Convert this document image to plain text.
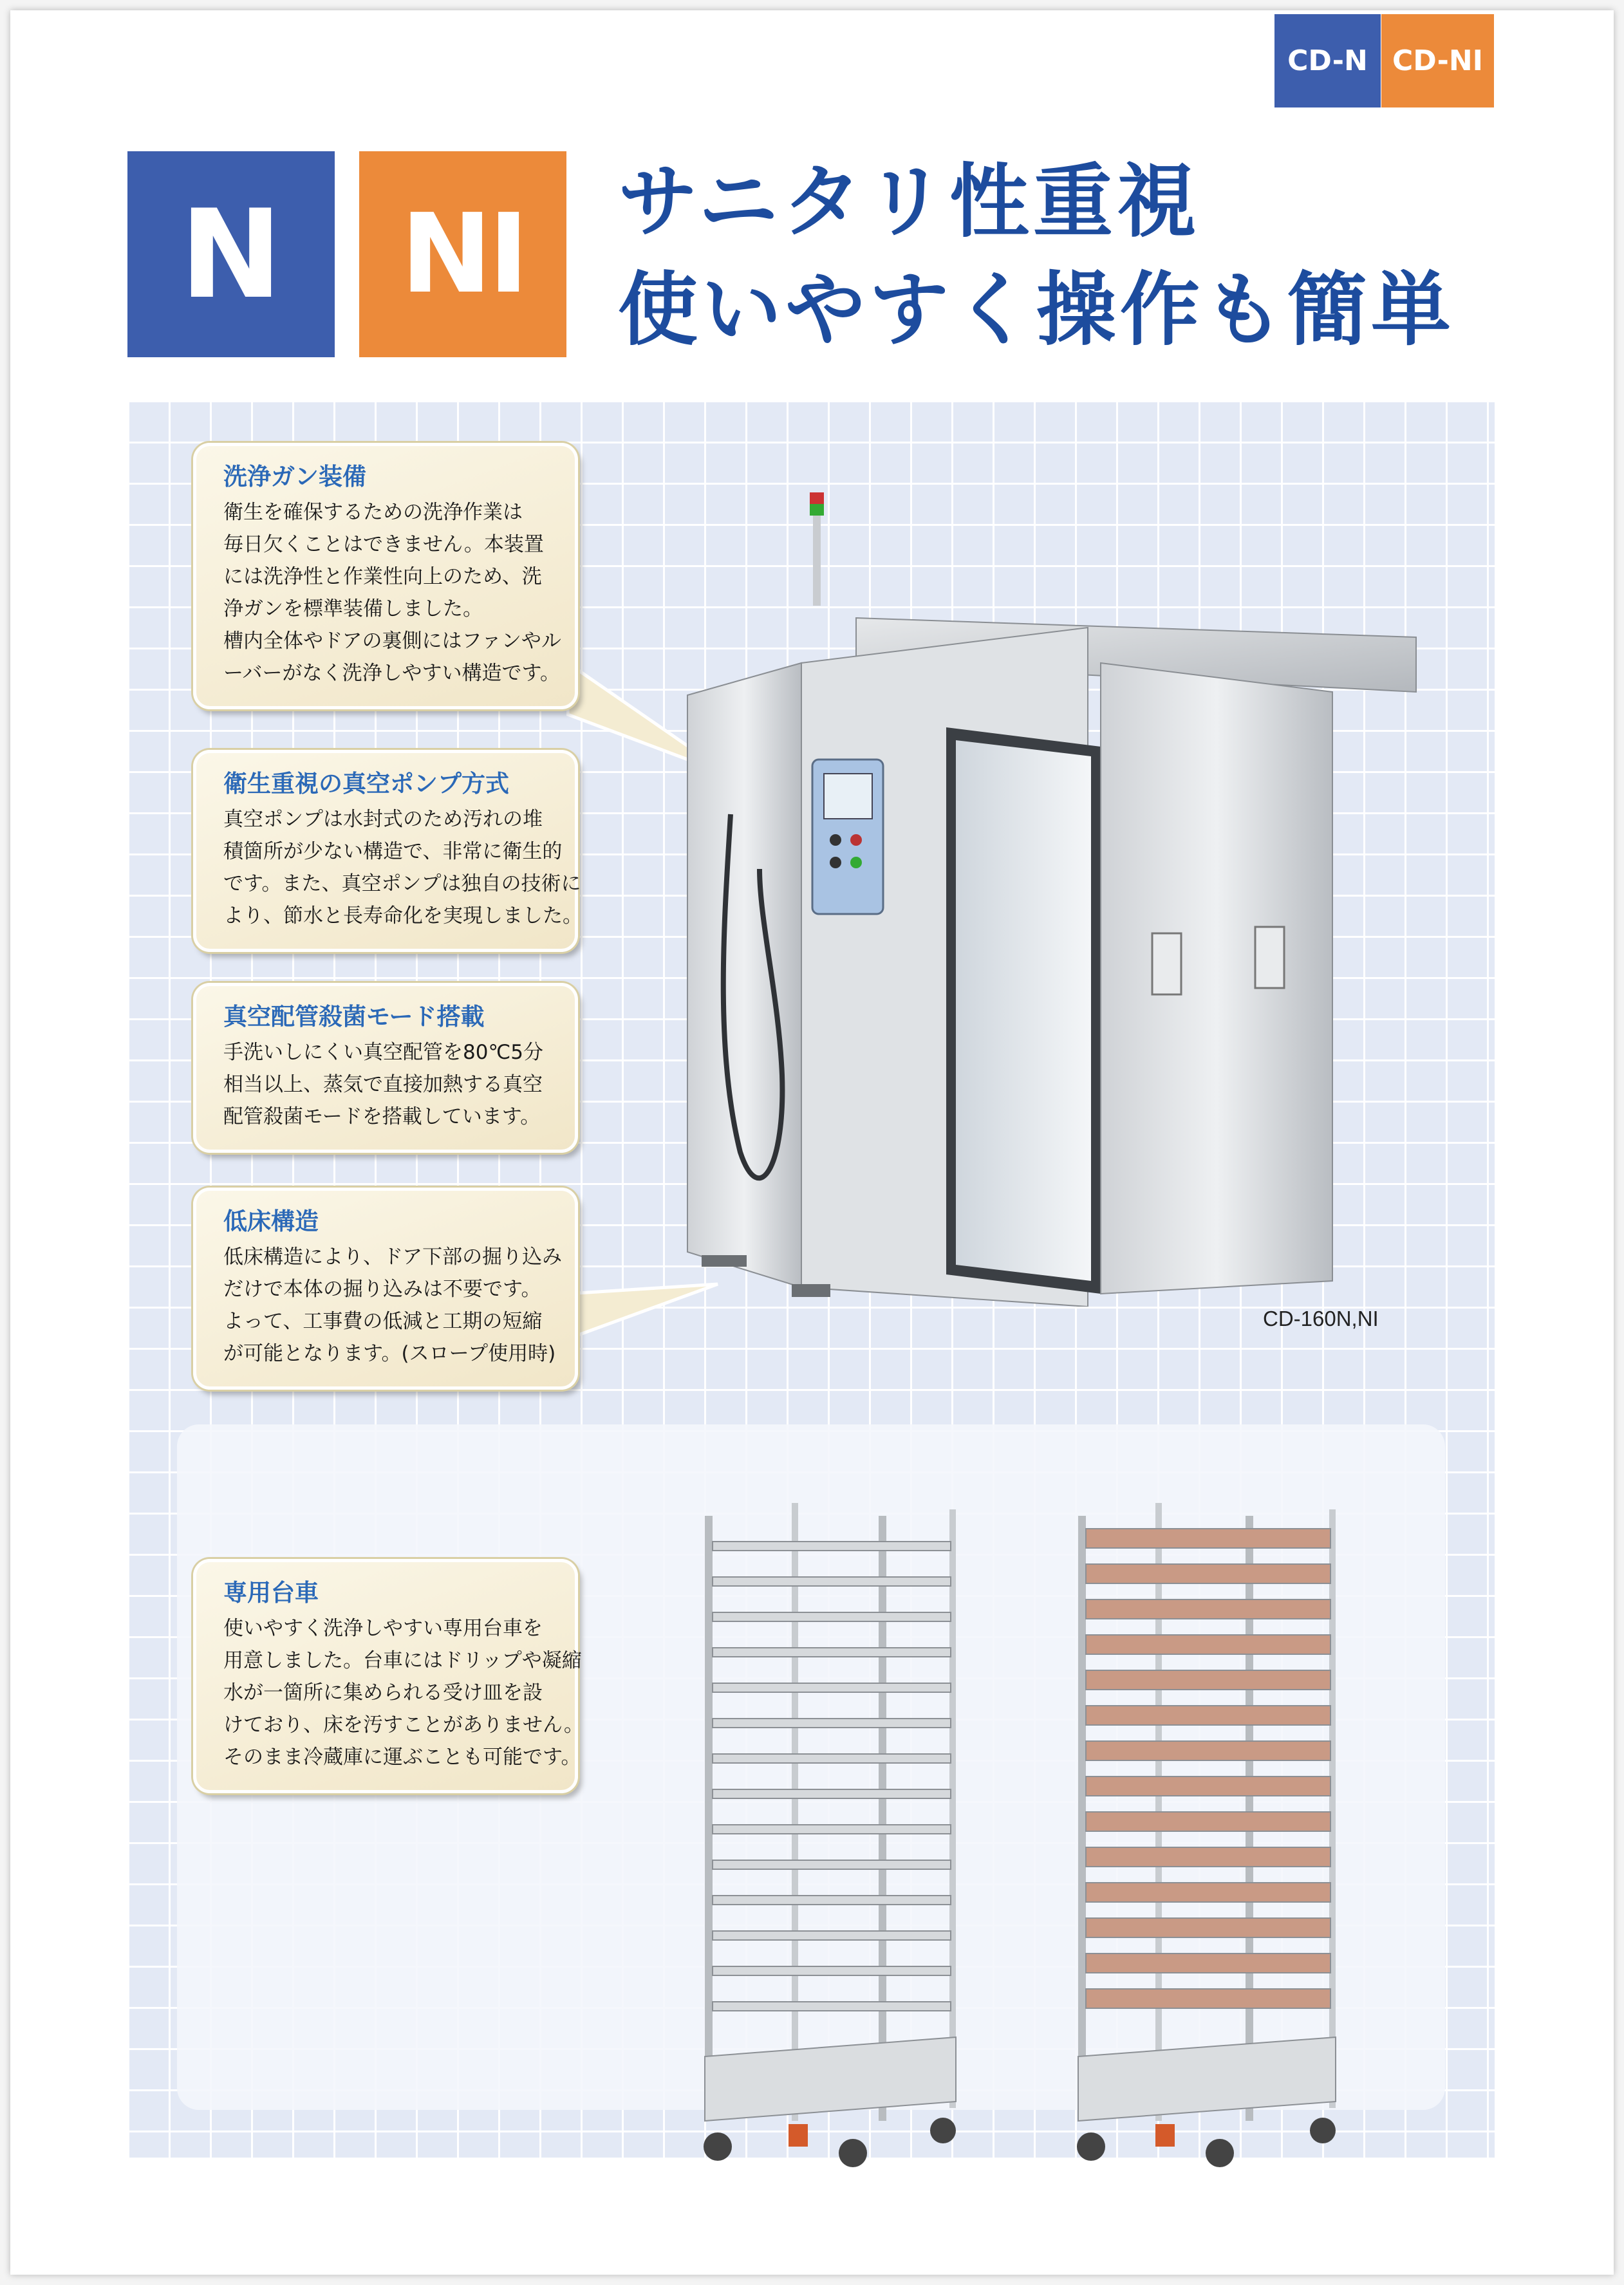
CD-N CD-NI
N	NI	サニタリ性重視
使いやすく操作も簡単
洗浄ガン装備
衛生を確保するための洗浄作業は
毎日欠くことはできません。本装置
には洗浄性と作業性向上のため、洗
浄ガンを標準装備しました。
槽内全体やドアの裏側にはファンやル
ーバーがなく洗浄しやすい構造です。
衛生重視の真空ポンプ方式
真空ポンプは水封式のため汚れの堆
積箇所が少ない構造で、非常に衛生的
です。また、真空ポンプは独自の技術に
より、節水と長寿命化を実現しました。
真空配管殺菌モード搭載
手洗いしにくい真空配管を80℃5分
相当以上、蒸気で直接加熱する真空
配管殺菌モードを搭載しています。
低床構造
低床構造により、ドア下部の掘り込み
だけで本体の掘り込みは不要です。
よって、工事費の低減と工期の短縮
が可能となります。(スロープ使用時)
専用台車
使いやすく洗浄しやすい専用台車を
用意しました。台車にはドリップや凝縮
水が一箇所に集められる受け皿を設
けており、床を汚すことがありません。
そのまま冷蔵庫に運ぶことも可能です。
CD-160N,NI
